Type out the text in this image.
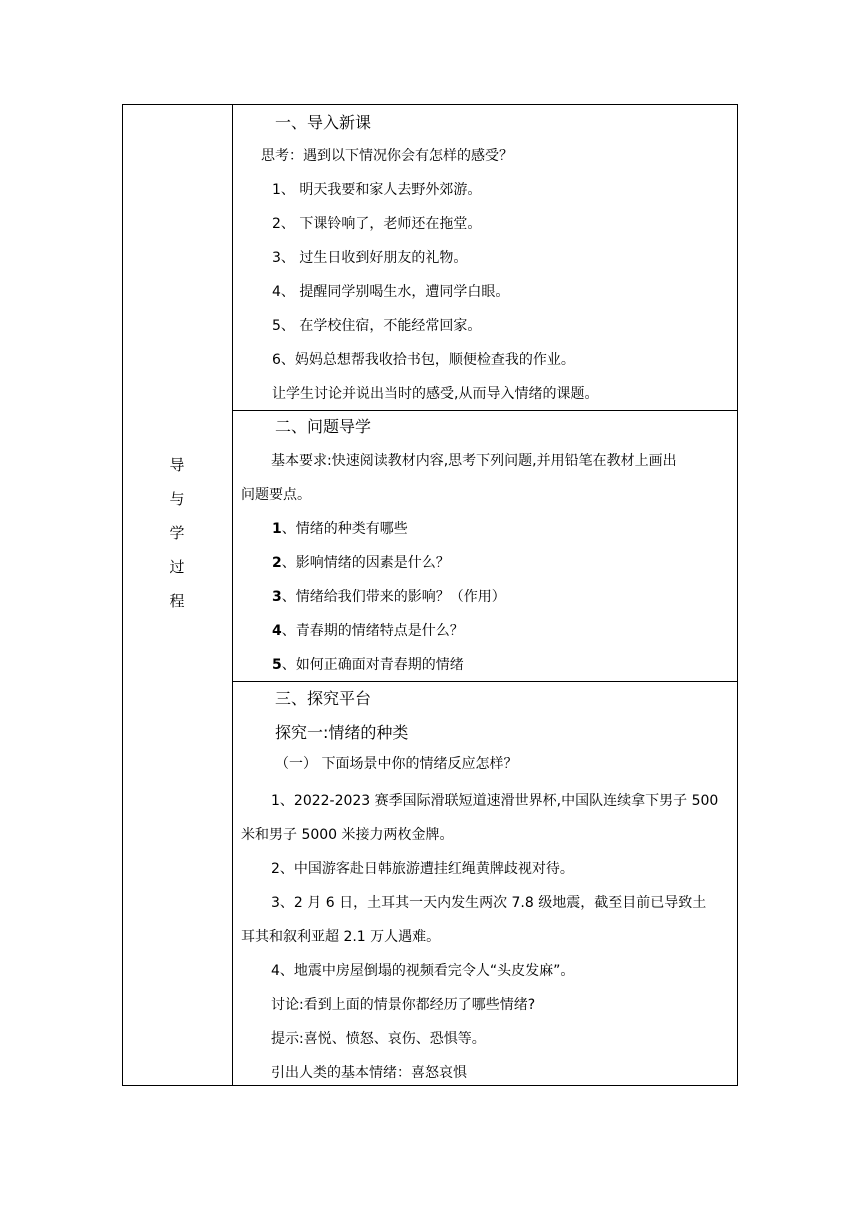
导
与
学
过
程
一、导入新课
思考：遇到以下情况你会有怎样的感受？
1、 明天我要和家人去野外郊游。
2、 下课铃响了，老师还在拖堂。
3、 过生日收到好朋友的礼物。
4、 提醒同学别喝生水，遭同学白眼。
5、 在学校住宿，不能经常回家。
6、妈妈总想帮我收拾书包，顺便检查我的作业。
让学生讨论并说出当时的感受,从而导入情绪的课题。
二、问题导学
基本要求:快速阅读教材内容,思考下列问题,并用铅笔在教材上画出
问题要点。
1、情绪的种类有哪些
2、影响情绪的因素是什么？
3、情绪给我们带来的影响？（作用）
4、青春期的情绪特点是什么？
5、如何正确面对青春期的情绪
三、探究平台
探究一:情绪的种类
（一） 下面场景中你的情绪反应怎样？
1、2022-2023 赛季国际滑联短道速滑世界杯,中国队连续拿下男子 500
米和男子 5000 米接力两枚金牌。
2、中国游客赴日韩旅游遭挂红绳黄牌歧视对待。
3、2 月 6 日，土耳其一天内发生两次 7.8 级地震，截至目前已导致土
耳其和叙利亚超 2.1 万人遇难。
4、地震中房屋倒塌的视频看完令人“头皮发麻”。
讨论:看到上面的情景你都经历了哪些情绪?
提示:喜悦、愤怒、哀伤、恐惧等。
引出人类的基本情绪：喜怒哀惧
